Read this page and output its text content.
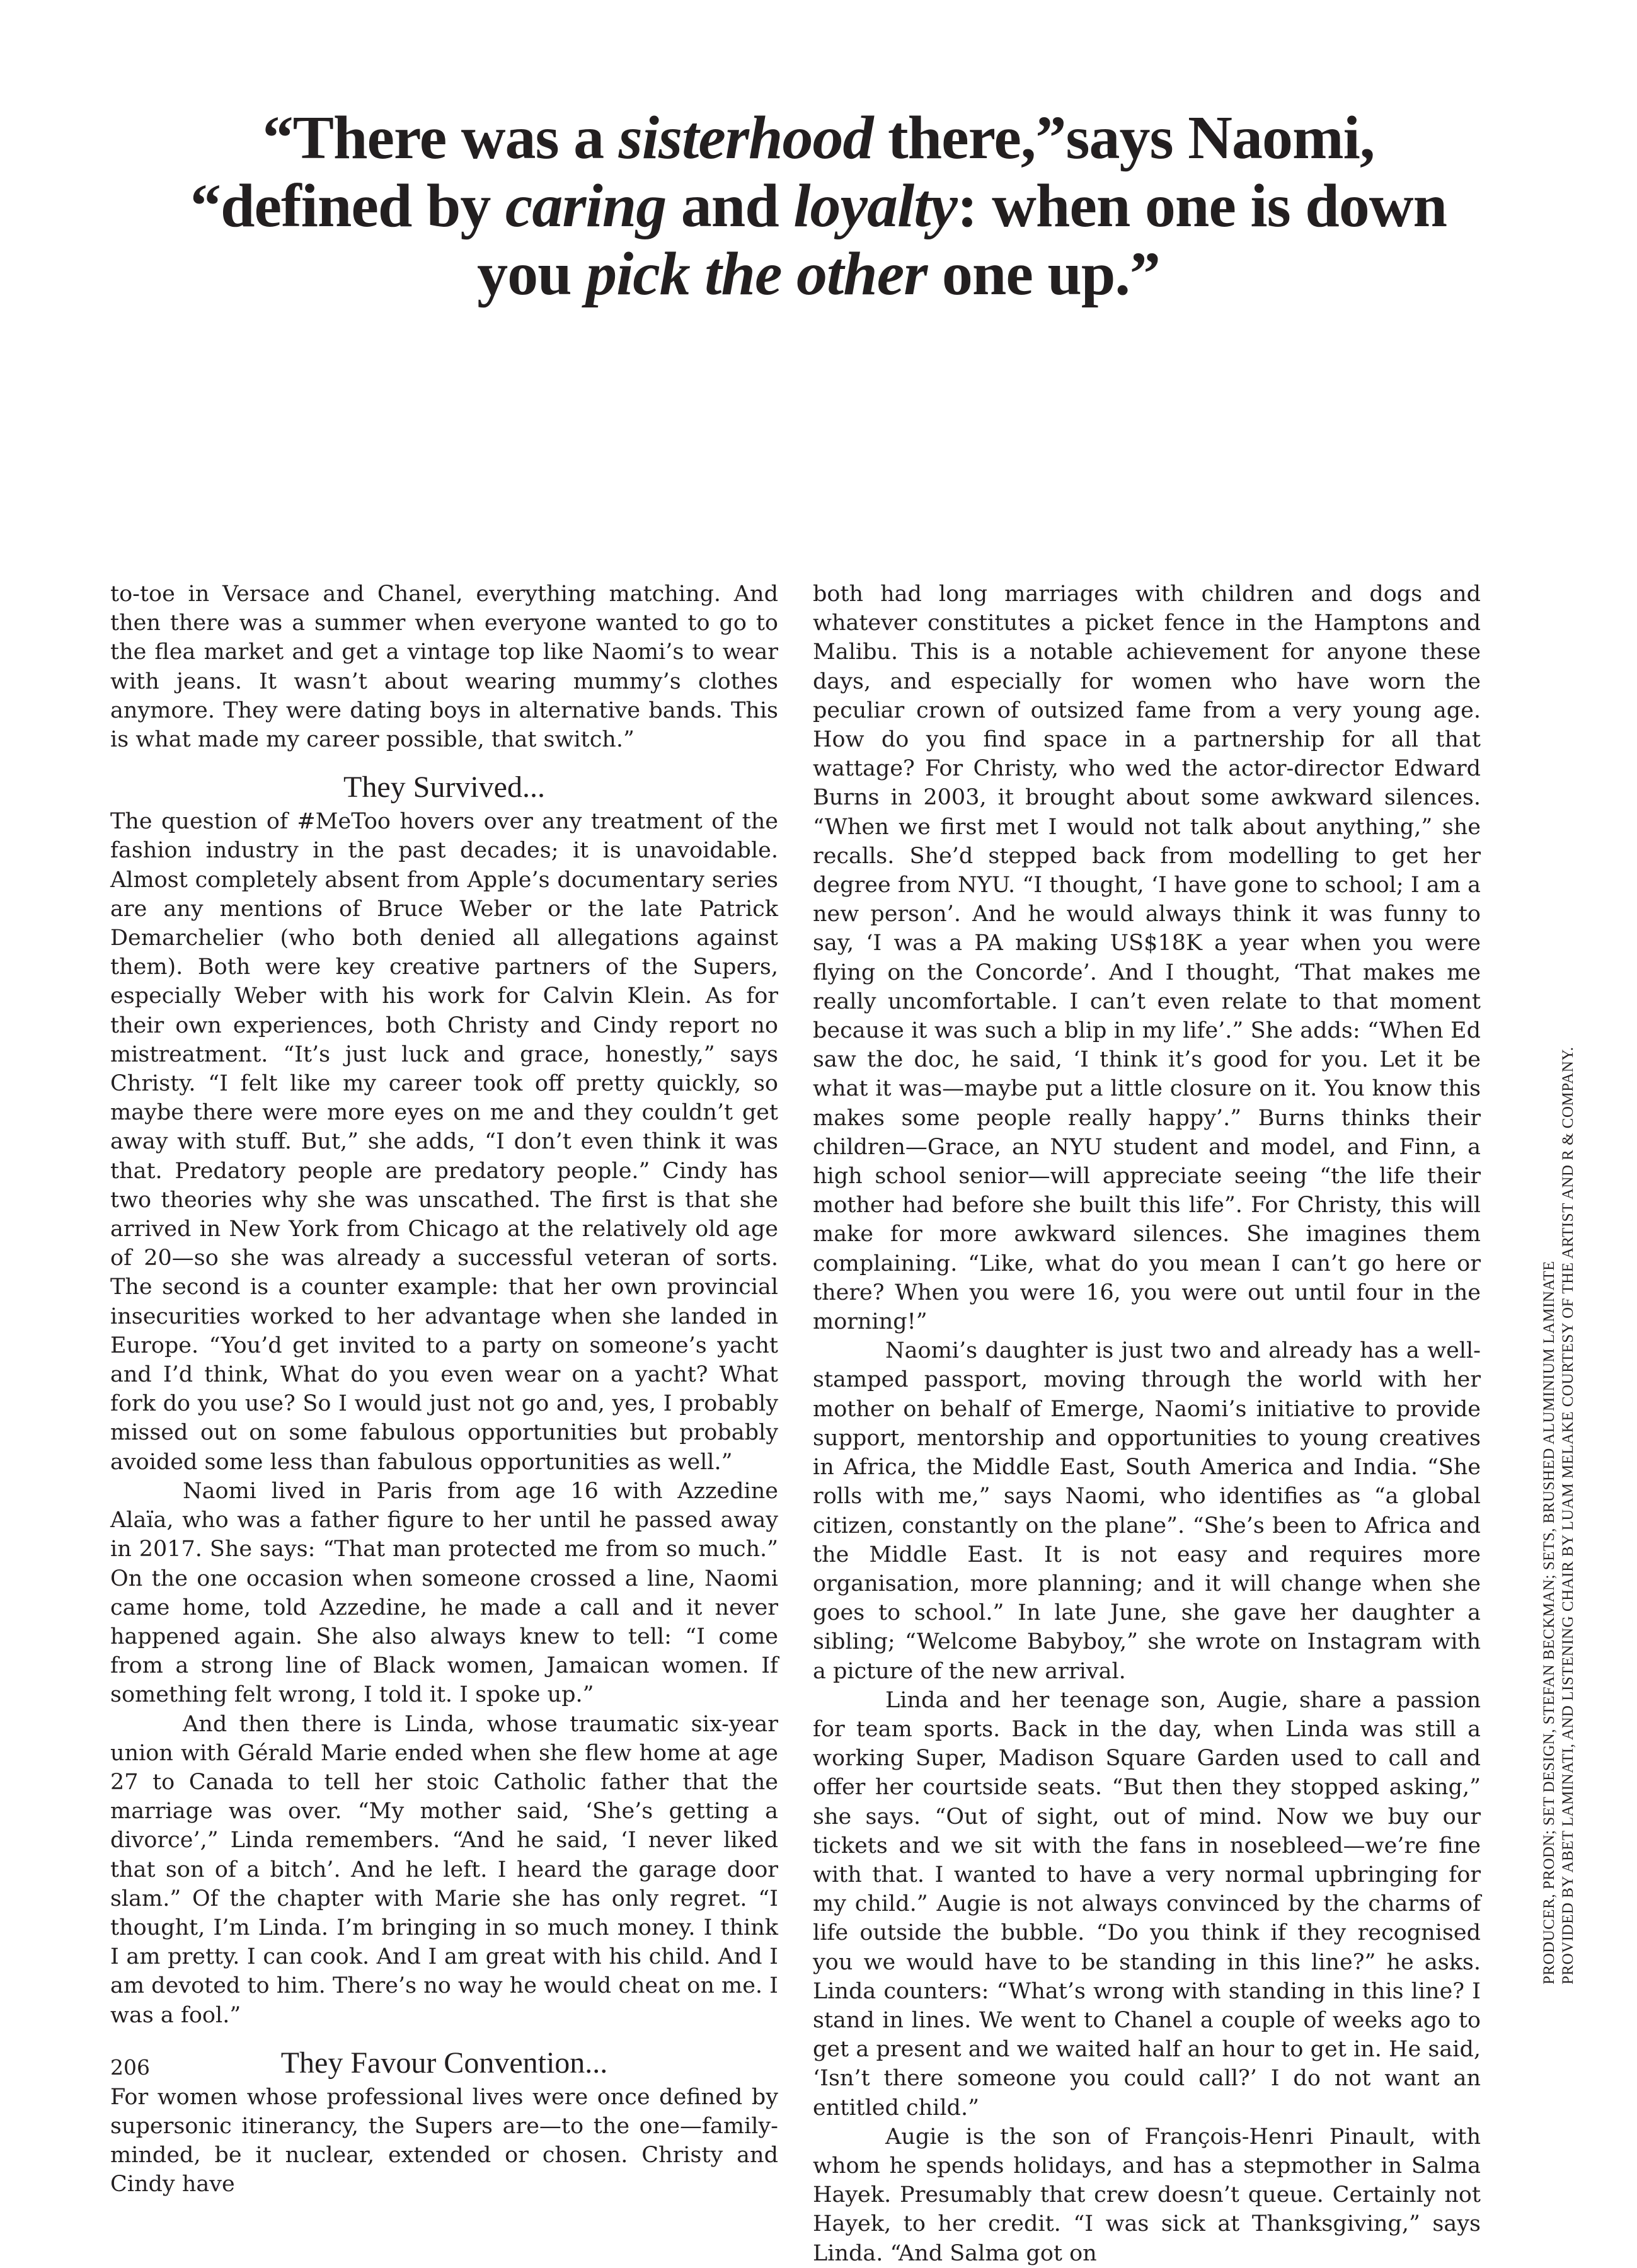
“There was a sisterhood there,”says Naomi,
“defined by caring and loyalty: when one is down
you pick the other one up.”

to-toe in Versace and Chanel, everything matching. And then there was a summer when everyone wanted to go to the flea market and get a vintage top like Naomi’s to wear with jeans. It wasn’t about wearing mummy’s clothes anymore. They were dating boys in alternative bands. This is what made my career possible, that switch.”

They Survived...

The question of #MeToo hovers over any treatment of the fashion industry in the past decades; it is unavoidable. Almost completely absent from Apple’s documentary series are any mentions of Bruce Weber or the late Patrick Demarchelier (who both denied all allegations against them). Both were key creative partners of the Supers, especially Weber with his work for Calvin Klein. As for their own experiences, both Christy and Cindy report no mistreatment. “It’s just luck and grace, honestly,” says Christy. “I felt like my career took off pretty quickly, so maybe there were more eyes on me and they couldn’t get away with stuff. But,” she adds, “I don’t even think it was that. Predatory people are predatory people.” Cindy has two theories why she was unscathed. The first is that she arrived in New York from Chicago at the relatively old age of 20—so she was already a successful veteran of sorts. The second is a counter example: that her own provincial insecurities worked to her advantage when she landed in Europe. “You’d get invited to a party on someone’s yacht and I’d think, What do you even wear on a yacht? What fork do you use? So I would just not go and, yes, I probably missed out on some fabulous opportunities but probably avoided some less than fabulous opportunities as well.”

Naomi lived in Paris from age 16 with Azzedine Alaïa, who was a father figure to her until he passed away in 2017. She says: “That man protected me from so much.” On the one occasion when someone crossed a line, Naomi came home, told Azzedine, he made a call and it never happened again. She also always knew to tell: “I come from a strong line of Black women, Jamaican women. If something felt wrong, I told it. I spoke up.”

And then there is Linda, whose traumatic six-year union with Gérald Marie ended when she flew home at age 27 to Canada to tell her stoic Catholic father that the marriage was over. “My mother said, ‘She’s getting a divorce’,” Linda remembers. “And he said, ‘I never liked that son of a bitch’. And he left. I heard the garage door slam.” Of the chapter with Marie she has only regret. “I thought, I’m Linda. I’m bringing in so much money. I think I am pretty. I can cook. And I am great with his child. And I am devoted to him. There’s no way he would cheat on me. I was a fool.”

They Favour Convention...

For women whose professional lives were once defined by supersonic itinerancy, the Supers are—to the one—family-minded, be it nuclear, extended or chosen. Christy and Cindy have

both had long marriages with children and dogs and whatever constitutes a picket fence in the Hamptons and Malibu. This is a notable achievement for anyone these days, and especially for women who have worn the peculiar crown of outsized fame from a very young age. How do you find space in a partnership for all that wattage? For Christy, who wed the actor-director Edward Burns in 2003, it brought about some awkward silences. “When we first met I would not talk about anything,” she recalls. She’d stepped back from modelling to get her degree from NYU. “I thought, ‘I have gone to school; I am a new person’. And he would always think it was funny to say, ‘I was a PA making US$18K a year when you were flying on the Concorde’. And I thought, ‘That makes me really uncomfortable. I can’t even relate to that moment because it was such a blip in my life’.” She adds: “When Ed saw the doc, he said, ‘I think it’s good for you. Let it be what it was—maybe put a little closure on it. You know this makes some people really happy’.” Burns thinks their children—Grace, an NYU student and model, and Finn, a high school senior—will appreciate seeing “the life their mother had before she built this life”. For Christy, this will make for more awkward silences. She imagines them complaining. “Like, what do you mean I can’t go here or there? When you were 16, you were out until four in the morning!”

Naomi’s daughter is just two and already has a well-stamped passport, moving through the world with her mother on behalf of Emerge, Naomi’s initiative to provide support, mentorship and opportunities to young creatives in Africa, the Middle East, South America and India. “She rolls with me,” says Naomi, who identifies as “a global citizen, constantly on the plane”. “She’s been to Africa and the Middle East. It is not easy and requires more organisation, more planning; and it will change when she goes to school.” In late June, she gave her daughter a sibling; “Welcome Babyboy,” she wrote on Instagram with a picture of the new arrival.

Linda and her teenage son, Augie, share a passion for team sports. Back in the day, when Linda was still a working Super, Madison Square Garden used to call and offer her courtside seats. “But then they stopped asking,” she says. “Out of sight, out of mind. Now we buy our tickets and we sit with the fans in nosebleed—we’re fine with that. I wanted to have a very normal upbringing for my child.” Augie is not always convinced by the charms of life outside the bubble. “Do you think if they recognised you we would have to be standing in this line?” he asks. Linda counters: “What’s wrong with standing in this line? I stand in lines. We went to Chanel a couple of weeks ago to get a present and we waited half an hour to get in. He said, ‘Isn’t there someone you could call?’ I do not want an entitled child.”

Augie is the son of François-Henri Pinault, with whom he spends holidays, and has a stepmother in Salma Hayek. Presumably that crew doesn’t queue. Certainly not Hayek, to her credit. “I was sick at Thanksgiving,” says Linda. “And Salma got on

PRODUCER, PRODN; SET DESIGN, STEFAN BECKMAN; SETS, BRUSHED ALUMINIUM LAMINATE PROVIDED BY ABET LAMINATI, AND LISTENING CHAIR BY LUAM MELAKE COURTESY OF THE ARTIST AND R & COMPANY.

206
